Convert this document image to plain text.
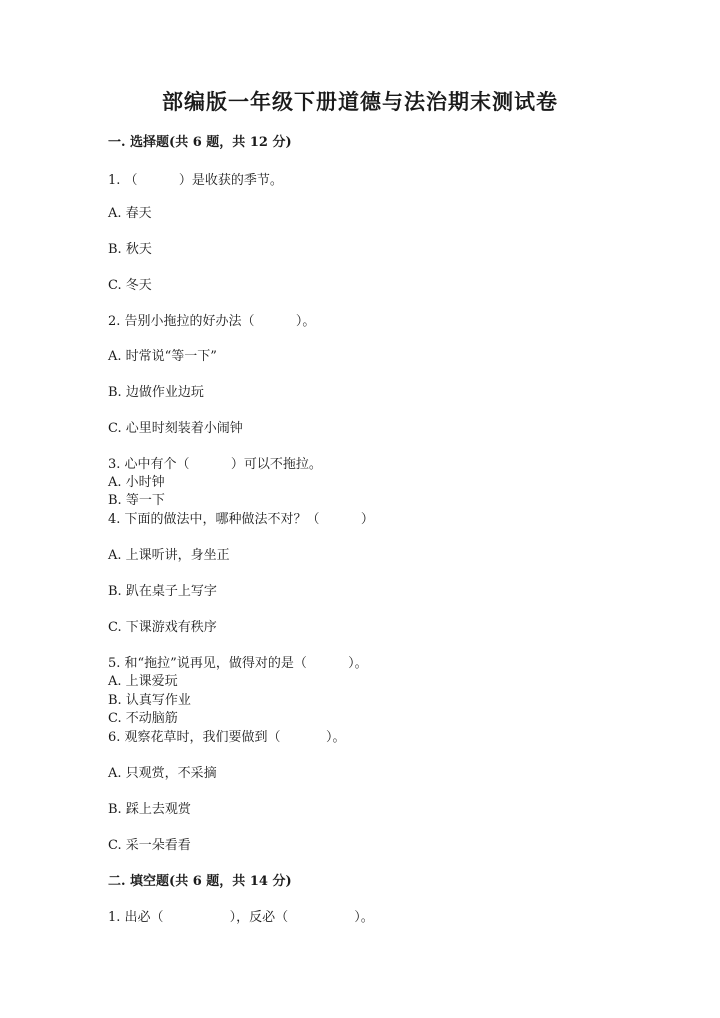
部编版一年级下册道德与法治期末测试卷
一. 选择题(共 6 题，共 12 分)
1. （          ）是收获的季节。
A. 春天
B. 秋天
C. 冬天
2. 告别小拖拉的好办法（          ）。
A. 时常说“等一下”
B. 边做作业边玩
C. 心里时刻装着小闹钟
3. 心中有个（          ）可以不拖拉。
A. 小时钟
B. 等一下
4. 下面的做法中，哪种做法不对？（          ）
A. 上课听讲，身坐正
B. 趴在桌子上写字
C. 下课游戏有秩序
5. 和“拖拉”说再见，做得对的是（          ）。
A. 上课爱玩
B. 认真写作业
C. 不动脑筋
6. 观察花草时，我们要做到（           ）。
A. 只观赏，不采摘
B. 踩上去观赏
C. 采一朵看看
二. 填空题(共 6 题，共 14 分)
1. 出必（                ），反必（                ）。
